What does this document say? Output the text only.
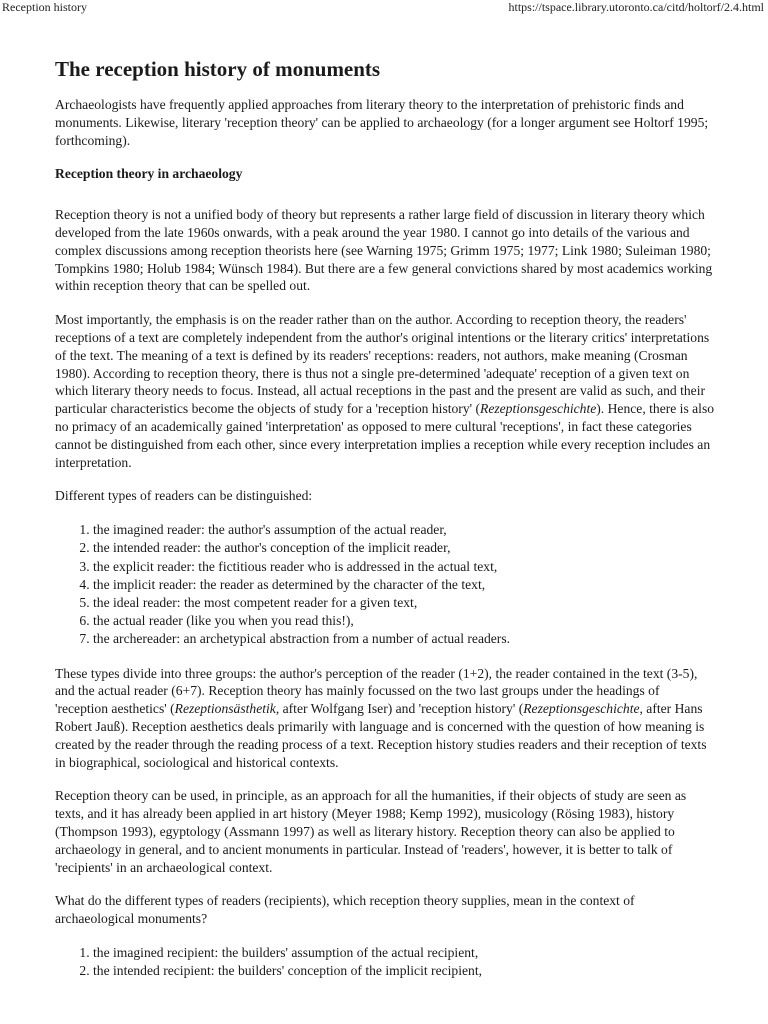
Reception history	https://tspace.library.utoronto.ca/citd/holtorf/2.4.html
The reception history of monuments

Archaeologists have frequently applied approaches from literary theory to the interpretation of prehistoric finds and monuments. Likewise, literary 'reception theory' can be applied to archaeology (for a longer argument see Holtorf 1995; forthcoming).

Reception theory in archaeology

Reception theory is not a unified body of theory but represents a rather large field of discussion in literary theory which developed from the late 1960s onwards, with a peak around the year 1980. I cannot go into details of the various and complex discussions among reception theorists here (see Warning 1975; Grimm 1975; 1977; Link 1980; Suleiman 1980; Tompkins 1980; Holub 1984; Wünsch 1984). But there are a few general convictions shared by most academics working within reception theory that can be spelled out.

Most importantly, the emphasis is on the reader rather than on the author. According to reception theory, the readers' receptions of a text are completely independent from the author's original intentions or the literary critics' interpretations of the text. The meaning of a text is defined by its readers' receptions: readers, not authors, make meaning (Crosman 1980). According to reception theory, there is thus not a single pre-determined 'adequate' reception of a given text on which literary theory needs to focus. Instead, all actual receptions in the past and the present are valid as such, and their particular characteristics become the objects of study for a 'reception history' (Rezeptionsgeschichte). Hence, there is also no primacy of an academically gained 'interpretation' as opposed to mere cultural 'receptions', in fact these categories cannot be distinguished from each other, since every interpretation implies a reception while every reception includes an interpretation.

Different types of readers can be distinguished:

1. the imagined reader: the author's assumption of the actual reader,
2. the intended reader: the author's conception of the implicit reader,
3. the explicit reader: the fictitious reader who is addressed in the actual text,
4. the implicit reader: the reader as determined by the character of the text,
5. the ideal reader: the most competent reader for a given text,
6. the actual reader (like you when you read this!),
7. the archereader: an archetypical abstraction from a number of actual readers.

These types divide into three groups: the author's perception of the reader (1+2), the reader contained in the text (3-5), and the actual reader (6+7). Reception theory has mainly focussed on the two last groups under the headings of 'reception aesthetics' (Rezeptionsästhetik, after Wolfgang Iser) and 'reception history' (Rezeptionsgeschichte, after Hans Robert Jauß). Reception aesthetics deals primarily with language and is concerned with the question of how meaning is created by the reader through the reading process of a text. Reception history studies readers and their reception of texts in biographical, sociological and historical contexts.

Reception theory can be used, in principle, as an approach for all the humanities, if their objects of study are seen as texts, and it has already been applied in art history (Meyer 1988; Kemp 1992), musicology (Rösing 1983), history (Thompson 1993), egyptology (Assmann 1997) as well as literary history. Reception theory can also be applied to archaeology in general, and to ancient monuments in particular. Instead of 'readers', however, it is better to talk of 'recipients' in an archaeological context.

What do the different types of readers (recipients), which reception theory supplies, mean in the context of archaeological monuments?

1. the imagined recipient: the builders' assumption of the actual recipient,
2. the intended recipient: the builders' conception of the implicit recipient,
